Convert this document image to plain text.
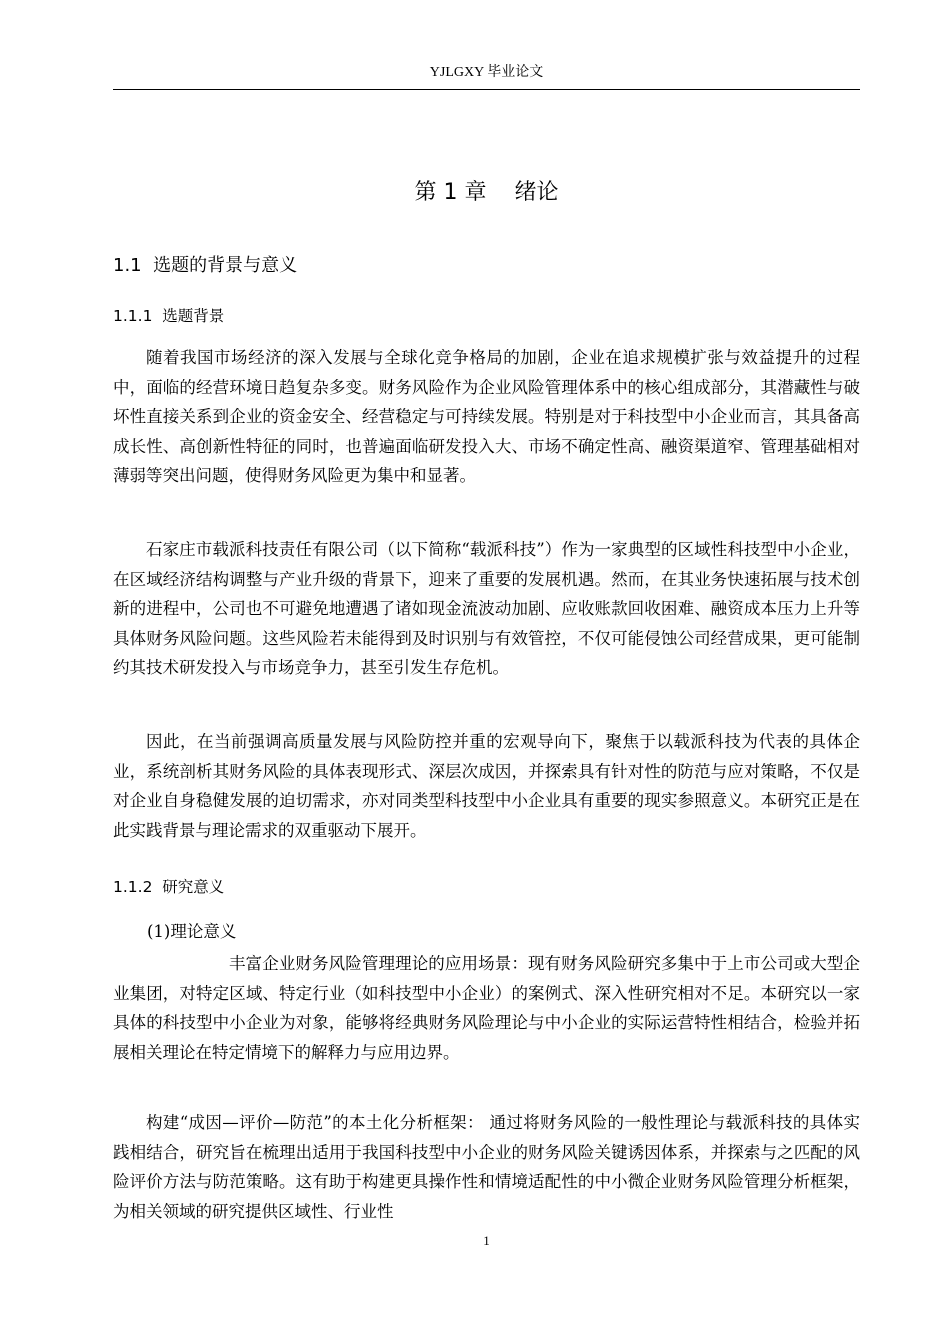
YJLGXY 毕业论文
第 1 章    绪论
1.1  选题的背景与意义
1.1.1  选题背景

随着我国市场经济的深入发展与全球化竞争格局的加剧，企业在追求规模扩张与效益提升的过程中，面临的经营环境日趋复杂多变。财务风险作为企业风险管理体系中的核心组成部分，其潜藏性与破坏性直接关系到企业的资金安全、经营稳定与可持续发展。特别是对于科技型中小企业而言，其具备高成长性、高创新性特征的同时，也普遍面临研发投入大、市场不确定性高、融资渠道窄、管理基础相对薄弱等突出问题，使得财务风险更为集中和显著。

石家庄市载派科技责任有限公司（以下简称“载派科技”）作为一家典型的区域性科技型中小企业，在区域经济结构调整与产业升级的背景下，迎来了重要的发展机遇。然而，在其业务快速拓展与技术创新的进程中，公司也不可避免地遭遇了诸如现金流波动加剧、应收账款回收困难、融资成本压力上升等具体财务风险问题。这些风险若未能得到及时识别与有效管控，不仅可能侵蚀公司经营成果，更可能制约其技术研发投入与市场竞争力，甚至引发生存危机。

因此，在当前强调高质量发展与风险防控并重的宏观导向下，聚焦于以载派科技为代表的具体企业，系统剖析其财务风险的具体表现形式、深层次成因，并探索具有针对性的防范与应对策略，不仅是对企业自身稳健发展的迫切需求，亦对同类型科技型中小企业具有重要的现实参照意义。本研究正是在此实践背景与理论需求的双重驱动下展开。

1.1.2  研究意义
(1)理论意义

丰富企业财务风险管理理论的应用场景：现有财务风险研究多集中于上市公司或大型企业集团，对特定区域、特定行业（如科技型中小企业）的案例式、深入性研究相对不足。本研究以一家具体的科技型中小企业为对象，能够将经典财务风险理论与中小企业的实际运营特性相结合，检验并拓展相关理论在特定情境下的解释力与应用边界。

构建“成因—评价—防范”的本土化分析框架： 通过将财务风险的一般性理论与载派科技的具体实践相结合，研究旨在梳理出适用于我国科技型中小企业的财务风险关键诱因体系，并探索与之匹配的风险评价方法与防范策略。这有助于构建更具操作性和情境适配性的中小微企业财务风险管理分析框架，为相关领域的研究提供区域性、行业性

1
